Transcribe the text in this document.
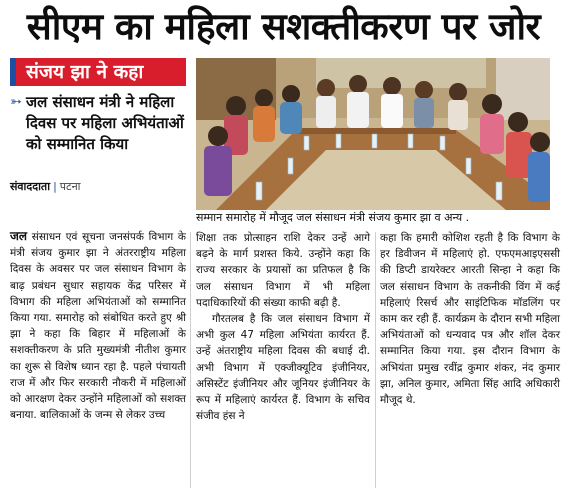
सीएम का महिला सशक्तीकरण पर जोर
संजय झा ने कहा
➳ जल संसाधन मंत्री ने महिला दिवस पर महिला अभियंताओं को सम्मानित किया
संवाददाता | पटना
सम्मान समारोह में मौजूद जल संसाधन मंत्री संजय कुमार झा व अन्य .

जल संसाधन एवं सूचना जनसंपर्क विभाग के मंत्री संजय कुमार झा ने अंतरराष्ट्रीय महिला दिवस के अवसर पर जल संसाधन विभाग के बाढ़ प्रबंधन सुधार सहायक केंद्र परिसर में विभाग की महिला अभियंताओं को सम्मानित किया गया. समारोह को संबोधित करते हुए श्री झा ने कहा कि बिहार में महिलाओं के सशक्तीकरण के प्रति मुख्यमंत्री नीतीश कुमार का शुरू से विशेष ध्यान रहा है. पहले पंचायती राज में और फिर सरकारी नौकरी में महिलाओं को आरक्षण देकर उन्होंने महिलाओं को सशक्त बनाया. बालिकाओं के जन्म से लेकर उच्च

शिक्षा तक प्रोत्साहन राशि देकर उन्हें आगे बढ़ने के मार्ग प्रशस्त किये. उन्होंने कहा कि राज्य सरकार के प्रयासों का प्रतिफल है कि जल संसाधन विभाग में भी महिला पदाधिकारियों की संख्या काफी बढ़ी है.

गौरतलब है कि जल संसाधन विभाग में अभी कुल 47 महिला अभियंता कार्यरत हैं. उन्हें अंतराष्ट्रीय महिला दिवस की बधाई दी. अभी विभाग में एक्जीक्यूटिव इंजीनियर, असिस्टेंट इंजीनियर और जूनियर इंजीनियर के रूप में महिलाएं कार्यरत हैं. विभाग के सचिव संजीव हंस ने

कहा कि हमारी कोशिश रहती है कि विभाग के हर डिवीजन में महिलाएं हो. एफएमआइएससी की डिप्टी डायरेक्टर आरती सिन्हा ने कहा कि जल संसाधन विभाग के तकनीकी विंग में कई महिलाएं रिसर्च और साइंटिफिक मॉडलिंग पर काम कर रही हैं. कार्यक्रम के दौरान सभी महिला अभियंताओं को धन्यवाद पत्र और शॉल देकर सम्मानित किया गया. इस दौरान विभाग के अभियंता प्रमुख रवींद्र कुमार शंकर, नंद कुमार झा, अनिल कुमार, अमिता सिंह आदि अधिकारी मौजूद थे.
